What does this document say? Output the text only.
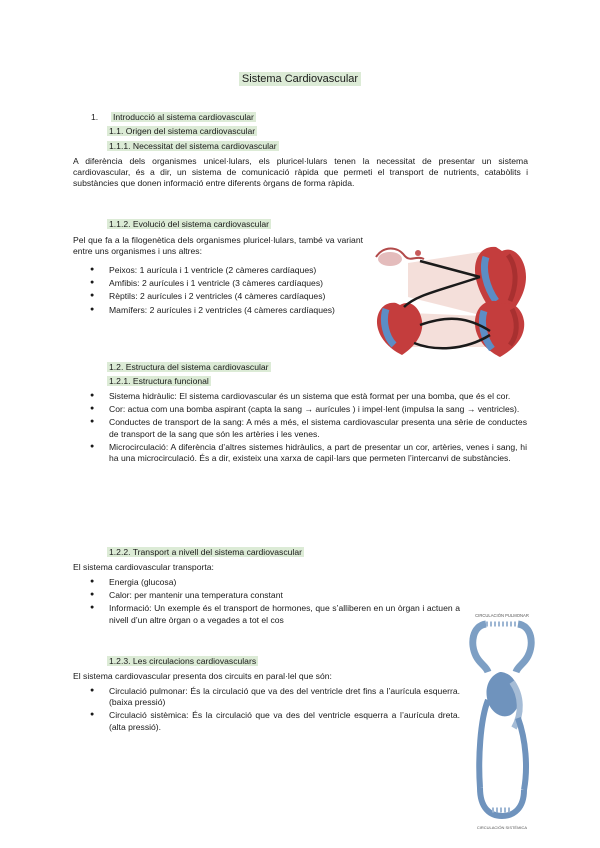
Sistema Cardiovascular
1. Introducció al sistema cardiovascular
1.1. Origen del sistema cardiovascular
1.1.1. Necessitat del sistema cardiovascular
A diferència dels organismes unicel·lulars, els pluricel·lulars tenen la necessitat de presentar un sistema cardiovascular, és a dir, un sistema de comunicació ràpida que permeti el transport de nutrients, catabòlits i substàncies que donen informació entre diferents òrgans de forma ràpida.
1.1.2. Evolució del sistema cardiovascular
Pel que fa a la filogenètica dels organismes pluricel·lulars, també va variant entre uns organismes i uns altres:
● Peixos: 1 aurícula i 1 ventricle (2 càmeres cardíaques)
● Amfibis: 2 aurícules i 1 ventricle (3 càmeres cardíaques)
● Rèptils: 2 aurícules i 2 ventricles (4 càmeres cardíaques)
● Mamífers: 2 aurícules i 2 ventricles (4 càmeres cardíaques)
1.2. Estructura del sistema cardiovascular
1.2.1. Estructura funcional
● Sistema hidràulic: El sistema cardiovascular és un sistema que està format per una bomba, que és el cor.
● Cor: actua com una bomba aspirant (capta la sang → aurícules ) i impel·lent (impulsa la sang → ventricles).
● Conductes de transport de la sang: A més a més, el sistema cardiovascular presenta una sèrie de conductes de transport de la sang que són les artèries i les venes.
● Microcirculació: A diferència d’altres sistemes hidràulics, a part de presentar un cor, artèries, venes i sang, hi ha una microcirculació. És a dir, existeix una xarxa de capil·lars que permeten l’intercanvi de substàncies.
1.2.2. Transport a nivell del sistema cardiovascular
El sistema cardiovascular transporta:
● Energia (glucosa)
● Calor: per mantenir una temperatura constant
● Informació: Un exemple és el transport de hormones, que s’alliberen en un òrgan i actuen a nivell d’un altre òrgan o a vegades a tot el cos
1.2.3. Les circulacions cardiovasculars
El sistema cardiovascular presenta dos circuits en paral·lel que són:
● Circulació pulmonar: És la circulació que va des del ventricle dret fins a l’aurícula esquerra. (baixa pressió)
● Circulació sistèmica: És la circulació que va des del ventricle esquerra a l’aurícula dreta. (alta pressió).
CIRCULACIÓN PULMONAR
CIRCULACIÓN SISTÉMICA
